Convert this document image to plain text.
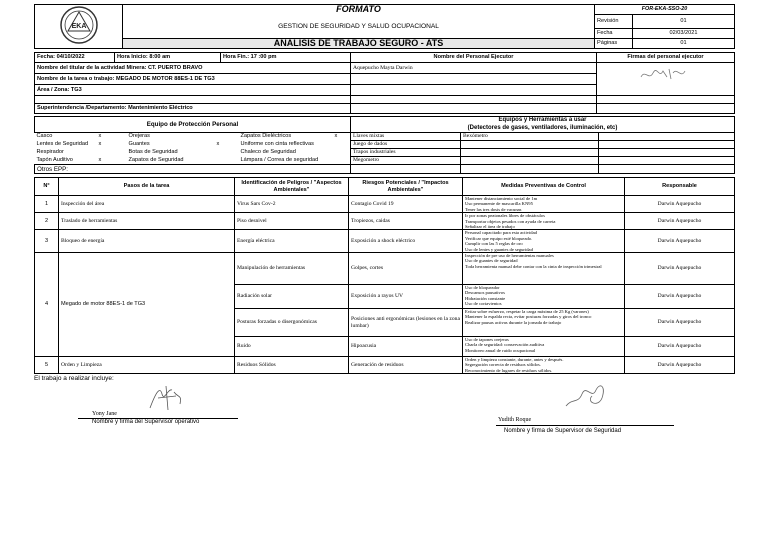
EKA	FORMATO	FOR-EKA-SSO-20	
	GESTION DE SEGURIDAD Y SALUD OCUPACIONAL	Revisión	01
		Fecha	02/03/2021
	ANALISIS DE TRABAJO SEGURO - ATS	Páginas	01
Fecha: 04/10/2022	Hora Inicio: 8:00 am	Hora Fin.: 17 :00 pm	Nombre del Personal Ejecutor	Firmas del personal ejecutor
Nombre del titular de la actividad Minera: CT. PUERTO BRAVO			Aquepucho Mayta Darwin	

Nombre de la tarea o trabajo: MEGADO DE MOTOR 88ES-1 DE TG3				
Área / Zona: TG3				

Superintendencia /Departamento: Mantenimiento Eléctrico				
Equipo de Protección Personal						Equipos y Herramientas a usar
(Detectores de gases, ventiladores, iluminación, etc)		

Casco	x	Orejeras		Zapatos Dieléctricos	x	Llaves mixtas	Bexómetro	
Lentes de Seguridad	x	Guantes	x	Uniforme con cinta reflectivas		Juego de dados		
Respirador		Botas de Seguridad		Chaleco de Seguridad		Trapos industriales		
Tapón Auditivo	x	Zapatos de Seguridad		Lámpara / Correa de seguridad		Megometro		
Otros EPP:								
N°	Pasos de la tarea	Identificación de Peligros / "Aspectos Ambientales"	Riesgos Potenciales / "Impactos Ambientales"	Medidas Preventivas de Control	Responsable
1	Inspección del área	Virus Sars Cov-2	Contagio Covid 19	Mantener distanciamiento social de 1m
Uso permanente de mascarilla KN95
Tener las tres dosis de vacunas	Darwin Aquepucho
2	Traslado de herramientas	Piso desnivel	Tropiezos, caidas	Ir por zonas peatonales libres de obstáculos
Transportar objetos pesados con ayuda de carreta
Señalizar el área de trabajo	Darwin Aquepucho
3	Bloqueo de energía	Energía eléctrica	Exposición a shock eléctrico	Personal capacitado para esta actividad
Verificar que equipo esté bloqueado.
Cumplir con las 5 reglas de oro
Uso de lentes y guantes de seguridad	Darwin Aquepucho
4	Megado de motor 88ES-1 de TG3	Manipulación de herramientas	Golpes, cortes	Inspección de pre uso de herramientas manuales
Uso de guantes de seguridad
Toda herramienta manual debe contar con la cinta de inspección trimestral	Darwin Aquepucho
		Radiación solar	Exposición a rayos UV	Uso de bloqueador
Descansos pausativos
Hidratación constante
Uso de cortavientos	Darwin Aquepucho
		Posturas forzadas o disergonómicas	Posiciones anti ergonómicas (lesiones en la zona lumbar)	Evitar sobre esfuerzo, respetar la carga máxima de 25 Kg (varones)
Mantener la espalda recta, evitar posturas forzadas y giros del tronco
Realizar pausas activas durante la jornada de trabajo	Darwin Aquepucho
		Ruido	Hipoacusia	Uso de tapones orejeras
Charla de seguridad: conservación auditiva
Monitoreo anual de ruido ocupacional	Darwin Aquepucho
5	Orden y Limpieza	Residuos Sólidos	Generación de residuos	Orden y limpieza constante, durante, antes y después.
Segregación correcta de residuos sólidos.
Reconocimiento de lugares de residuos sólidos.	Darwin Aquepucho
El trabajo a realizar incluye:
Yony Jane
Nombre y firma del Supervisor operativo	Yudith Roque
Nombre y firma de Supervisor de Seguridad
